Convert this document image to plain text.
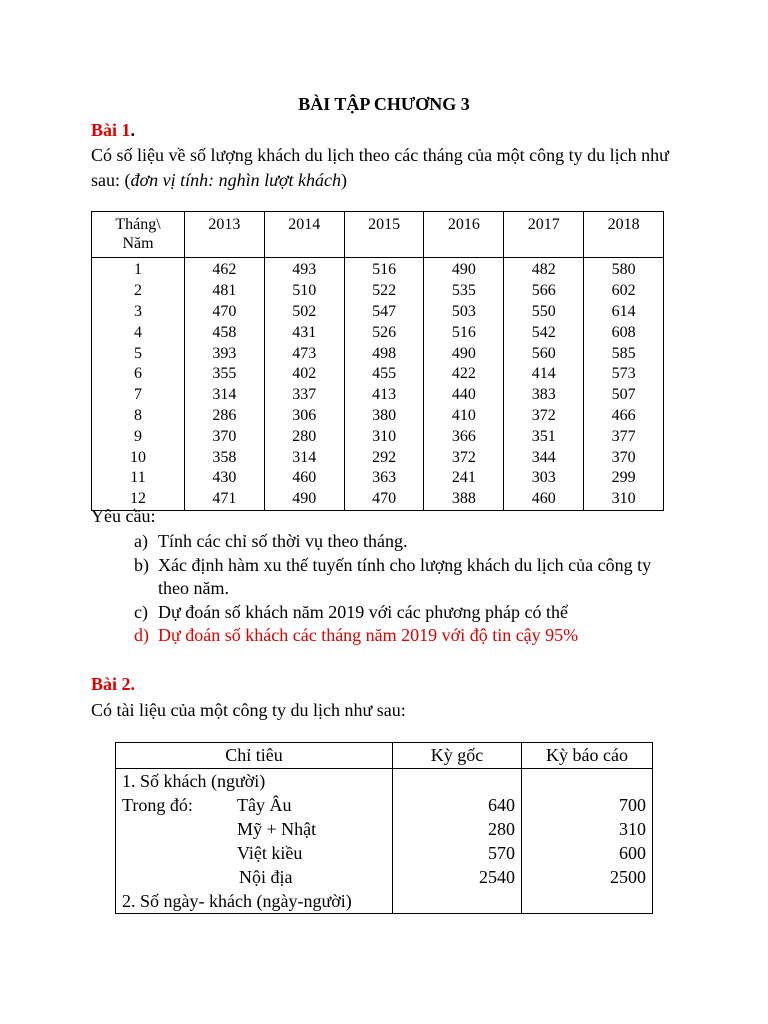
BÀI TẬP CHƯƠNG 3
Bài 1.
Có số liệu về số lượng khách du lịch theo các tháng của một công ty du lịch như sau: (đơn vị tính: nghìn lượt khách)
Tháng\
Năm	2013	2014	2015	2016	2017	2018
1	462	493	516	490	482	580
2	481	510	522	535	566	602
3	470	502	547	503	550	614
4	458	431	526	516	542	608
5	393	473	498	490	560	585
6	355	402	455	422	414	573
7	314	337	413	440	383	507
8	286	306	380	410	372	466
9	370	280	310	366	351	377
10	358	314	292	372	344	370
11	430	460	363	241	303	299
12	471	490	470	388	460	310
Yêu cầu:
a) Tính các chỉ số thời vụ theo tháng.
b) Xác định hàm xu thế tuyến tính cho lượng khách du lịch của công ty theo năm.
c) Dự đoán số khách năm 2019 với các phương pháp có thể
d) Dự đoán số khách các tháng năm 2019 với độ tin cậy 95%
Bài 2.
Có tài liệu của một công ty du lịch như sau:
Chỉ tiêu	Kỳ gốc	Kỳ báo cáo
1. Số khách (người)		
Trong đó: Tây Âu	640	700
Mỹ + Nhật	280	310
Việt kiều	570	600
Nội địa	2540	2500
2. Số ngày- khách (ngày-người)		
